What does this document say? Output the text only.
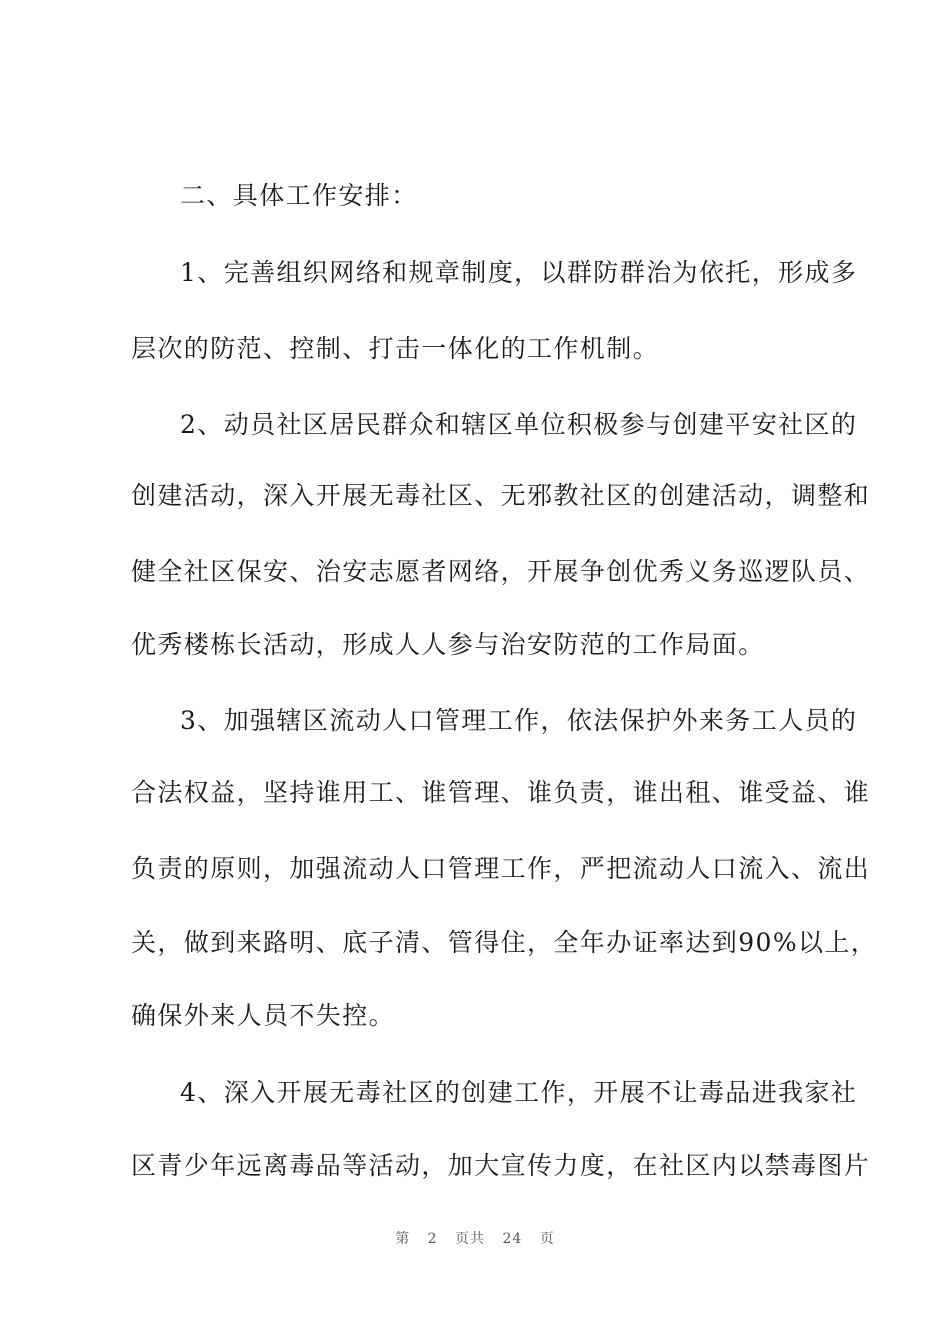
二、具体工作安排：
1、完善组织网络和规章制度，以群防群治为依托，形成多
层次的防范、控制、打击一体化的工作机制。
2、动员社区居民群众和辖区单位积极参与创建平安社区的
创建活动，深入开展无毒社区、无邪教社区的创建活动，调整和
健全社区保安、治安志愿者网络，开展争创优秀义务巡逻队员、
优秀楼栋长活动，形成人人参与治安防范的工作局面。
3、加强辖区流动人口管理工作，依法保护外来务工人员的
合法权益，坚持谁用工、谁管理、谁负责，谁出租、谁受益、谁
负责的原则，加强流动人口管理工作，严把流动人口流入、流出
关，做到来路明、底子清、管得住，全年办证率达到90%以上，
确保外来人员不失控。
4、深入开展无毒社区的创建工作，开展不让毒品进我家社
区青少年远离毒品等活动，加大宣传力度，在社区内以禁毒图片
第 2 页共 24 页
